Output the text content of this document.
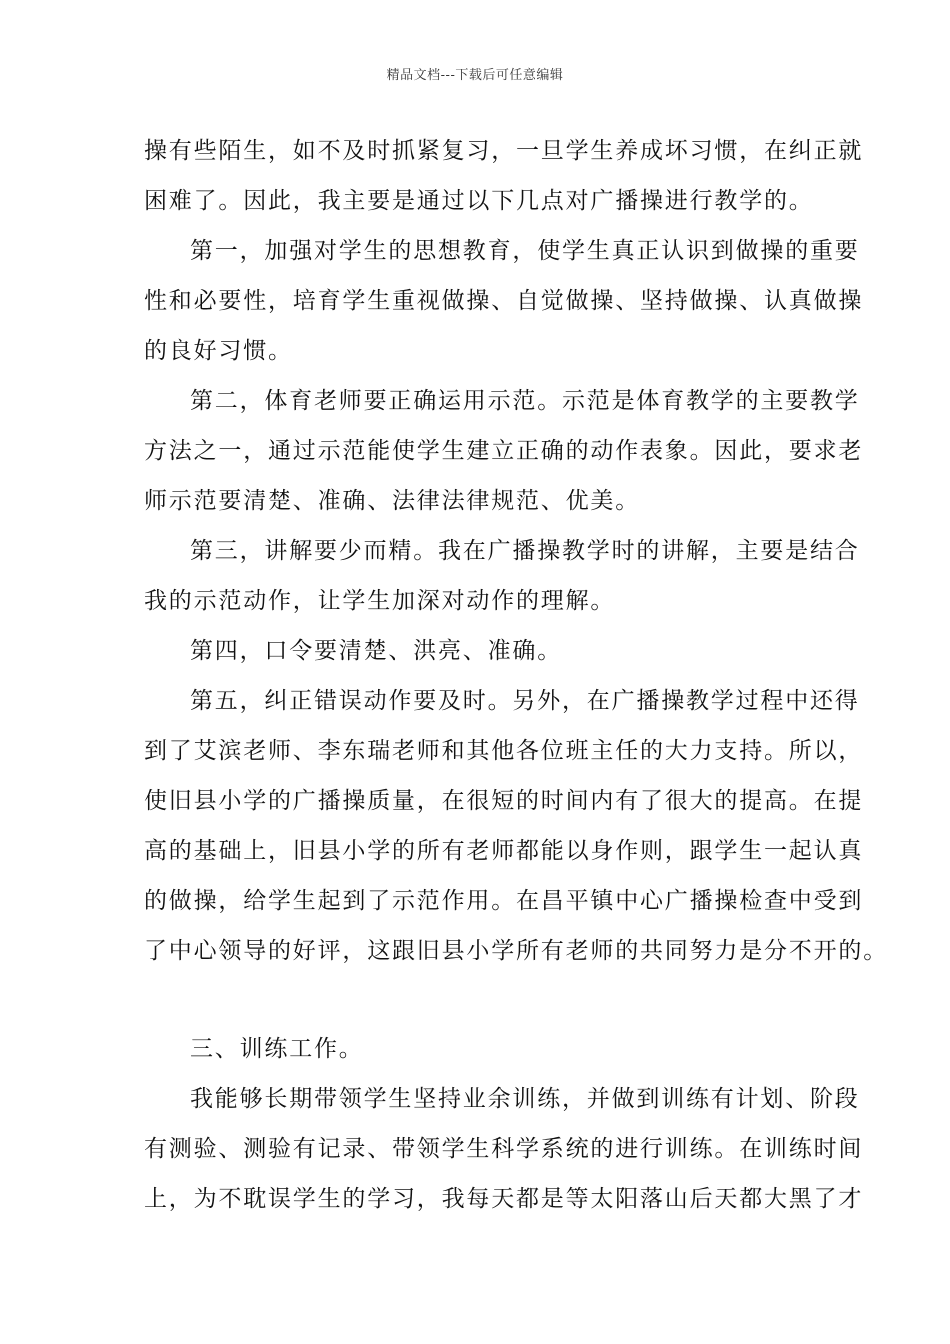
精品文档---下载后可任意编辑
操有些陌生，如不及时抓紧复习，一旦学生养成坏习惯，在纠正就
困难了。因此，我主要是通过以下几点对广播操进行教学的。
第一，加强对学生的思想教育，使学生真正认识到做操的重要
性和必要性，培育学生重视做操、自觉做操、坚持做操、认真做操
的良好习惯。
第二，体育老师要正确运用示范。示范是体育教学的主要教学
方法之一，通过示范能使学生建立正确的动作表象。因此，要求老
师示范要清楚、准确、法律法律规范、优美。
第三，讲解要少而精。我在广播操教学时的讲解，主要是结合
我的示范动作，让学生加深对动作的理解。
第四，口令要清楚、洪亮、准确。
第五，纠正错误动作要及时。另外，在广播操教学过程中还得
到了艾滨老师、李东瑞老师和其他各位班主任的大力支持。所以，
使旧县小学的广播操质量，在很短的时间内有了很大的提高。在提
高的基础上，旧县小学的所有老师都能以身作则，跟学生一起认真
的做操，给学生起到了示范作用。在昌平镇中心广播操检查中受到
了中心领导的好评，这跟旧县小学所有老师的共同努力是分不开的。
三、训练工作。
我能够长期带领学生坚持业余训练，并做到训练有计划、阶段
有测验、测验有记录、带领学生科学系统的进行训练。在训练时间
上，为不耽误学生的学习，我每天都是等太阳落山后天都大黑了才
